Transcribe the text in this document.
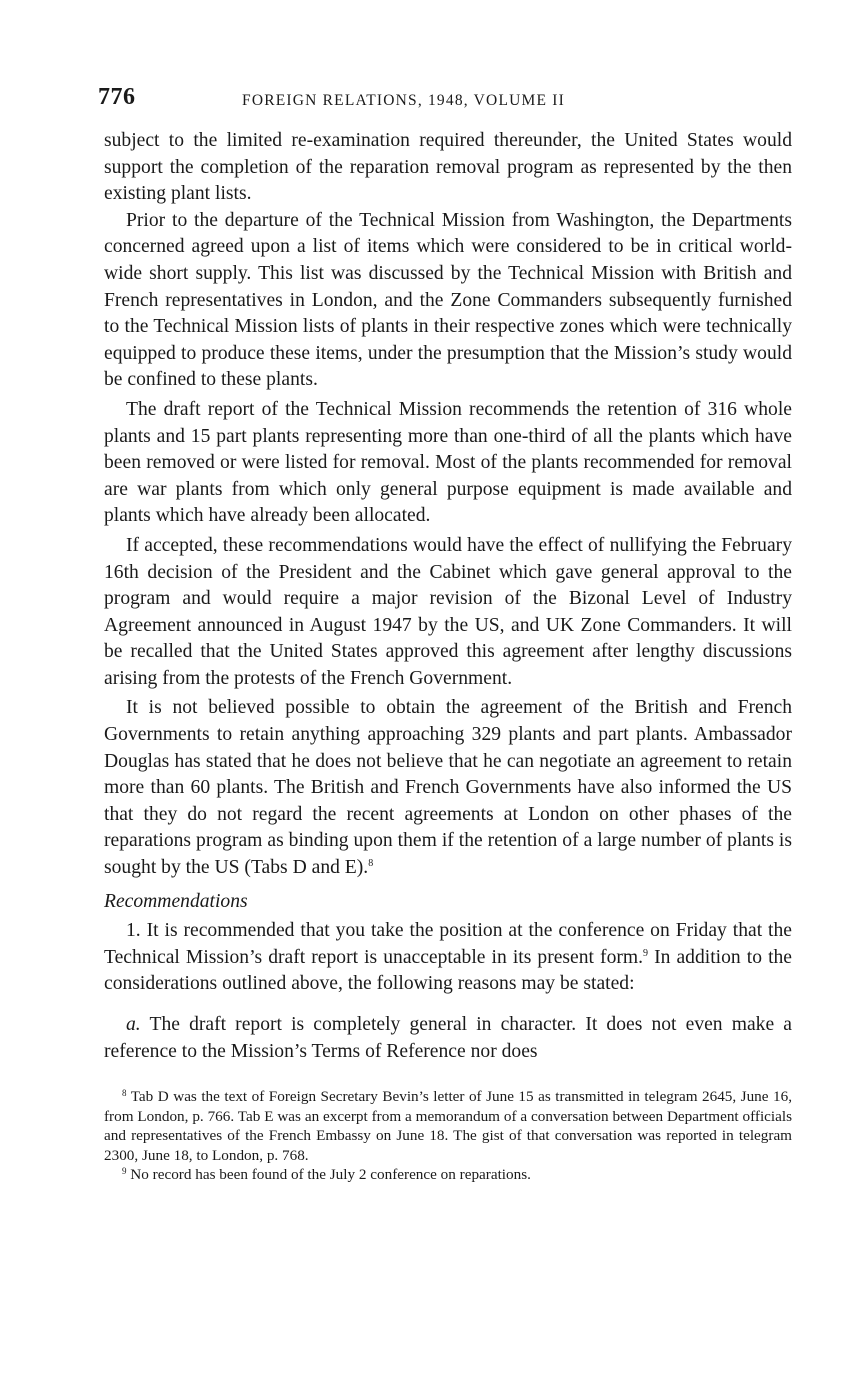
776	FOREIGN RELATIONS, 1948, VOLUME II

subject to the limited re-examination required thereunder, the United States would support the completion of the reparation removal program as represented by the then existing plant lists.

Prior to the departure of the Technical Mission from Washington, the Departments concerned agreed upon a list of items which were considered to be in critical world-wide short supply. This list was discussed by the Technical Mission with British and French representatives in London, and the Zone Commanders subsequently furnished to the Technical Mission lists of plants in their respective zones which were technically equipped to produce these items, under the presumption that the Mission’s study would be confined to these plants.

The draft report of the Technical Mission recommends the retention of 316 whole plants and 15 part plants representing more than one-third of all the plants which have been removed or were listed for removal. Most of the plants recommended for removal are war plants from which only general purpose equipment is made available and plants which have already been allocated.

If accepted, these recommendations would have the effect of nullifying the February 16th decision of the President and the Cabinet which gave general approval to the program and would require a major revision of the Bizonal Level of Industry Agreement announced in August 1947 by the US, and UK Zone Commanders. It will be recalled that the United States approved this agreement after lengthy discussions arising from the protests of the French Government.

It is not believed possible to obtain the agreement of the British and French Governments to retain anything approaching 329 plants and part plants. Ambassador Douglas has stated that he does not believe that he can negotiate an agreement to retain more than 60 plants. The British and French Governments have also informed the US that they do not regard the recent agreements at London on other phases of the reparations program as binding upon them if the retention of a large number of plants is sought by the US (Tabs D and E).$^8$

Recommendations

1. It is recommended that you take the position at the conference on Friday that the Technical Mission’s draft report is unacceptable in its present form.$^9$ In addition to the considerations outlined above, the following reasons may be stated:

a. The draft report is completely general in character. It does not even make a reference to the Mission’s Terms of Reference nor does

$^8$ Tab D was the text of Foreign Secretary Bevin’s letter of June 15 as transmitted in telegram 2645, June 16, from London, p. 766. Tab E was an excerpt from a memorandum of a conversation between Department officials and representatives of the French Embassy on June 18. The gist of that conversation was reported in telegram 2300, June 18, to London, p. 768.

$^9$ No record has been found of the July 2 conference on reparations.
